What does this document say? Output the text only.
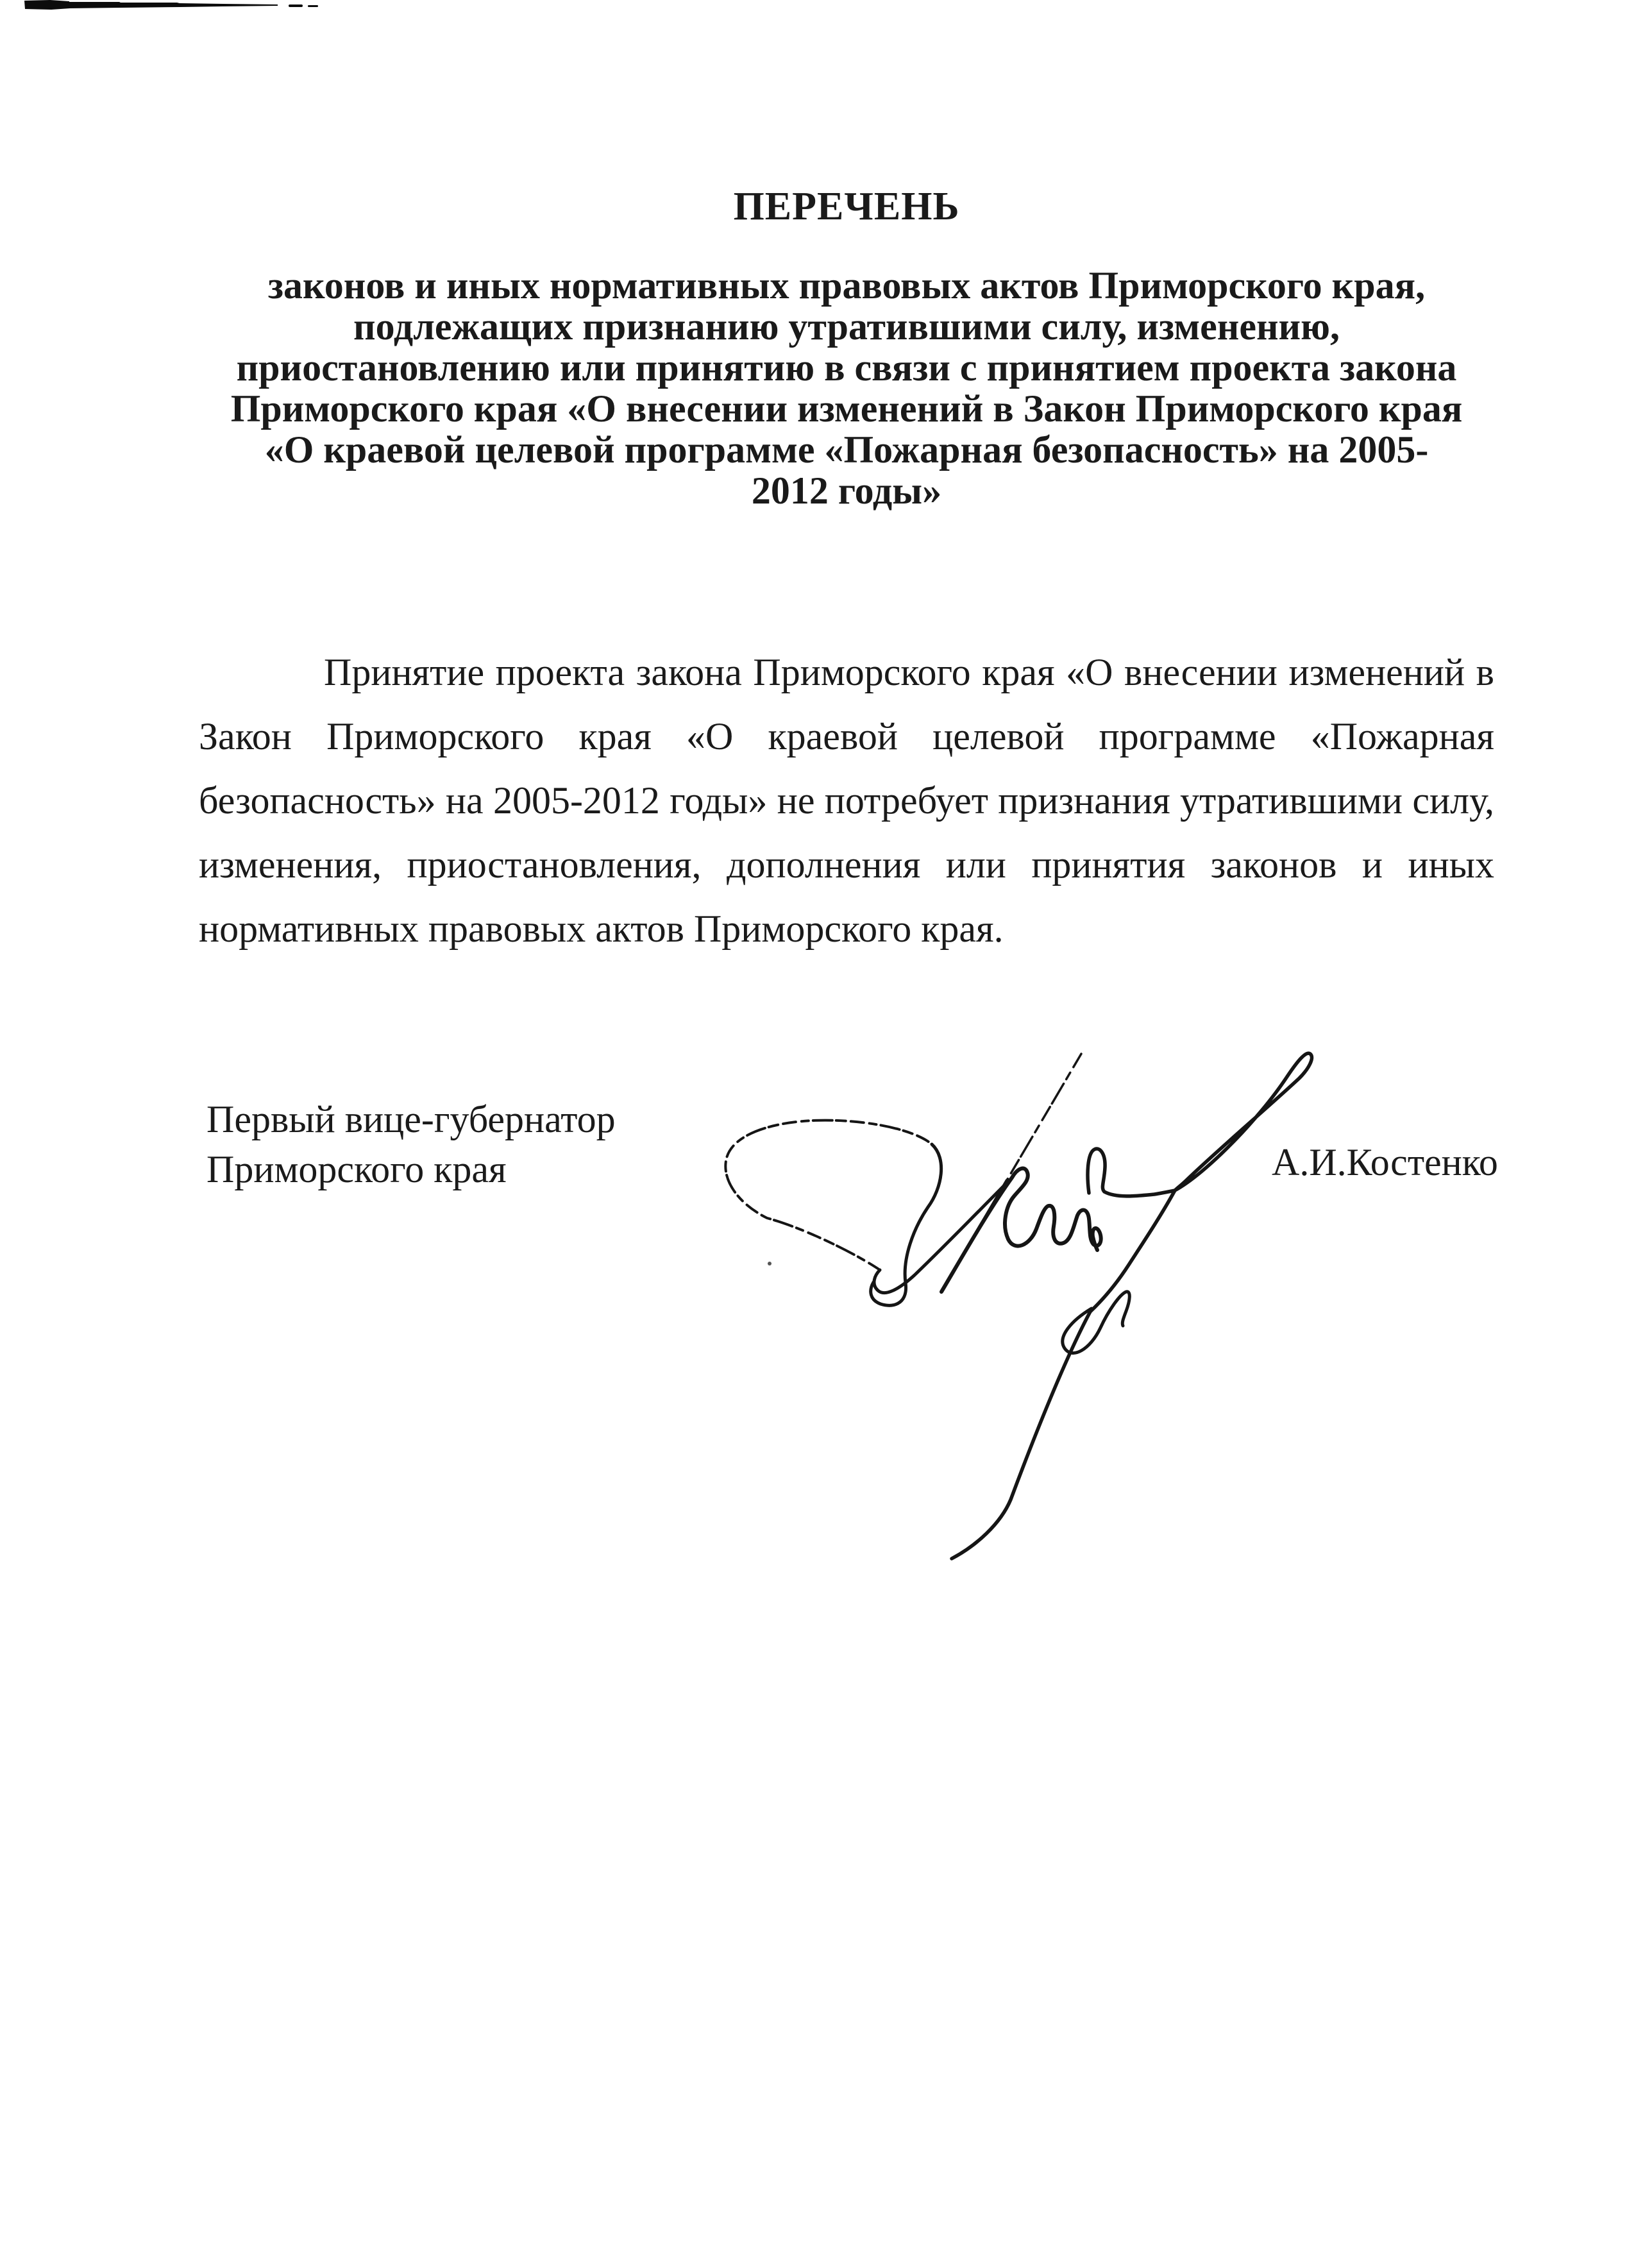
ПЕРЕЧЕНЬ
законов и иных нормативных правовых актов Приморского края,
подлежащих признанию утратившими силу, изменению,
приостановлению или принятию в связи с принятием проекта закона
Приморского края «О внесении изменений в Закон Приморского края
«О краевой целевой программе «Пожарная безопасность» на 2005-
2012 годы»
Принятие проекта закона Приморского края «О внесении изменений в
Закон Приморского края «О краевой целевой программе «Пожарная
безопасность» на 2005-2012 годы» не потребует признания утратившими силу,
изменения, приостановления, дополнения или принятия законов и иных
нормативных правовых актов Приморского края.
Первый вице-губернатор
Приморского края	А.И.Костенко
